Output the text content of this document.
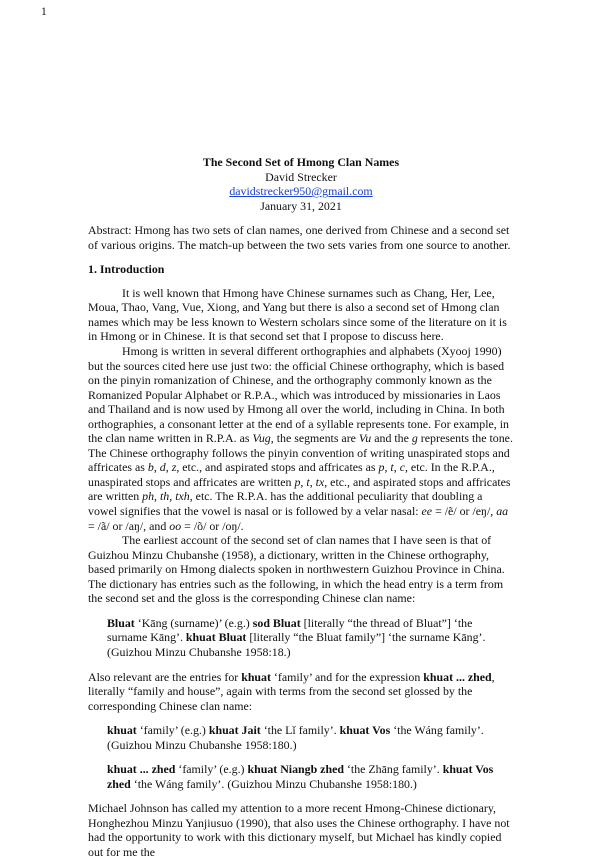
1
The Second Set of Hmong Clan Names
David Strecker
davidstrecker950@gmail.com
January 31, 2021
Abstract: Hmong has two sets of clan names, one derived from Chinese and a second set of various origins. The match-up between the two sets varies from one source to another.
1. Introduction
It is well known that Hmong have Chinese surnames such as Chang, Her, Lee, Moua, Thao, Vang, Vue, Xiong, and Yang but there is also a second set of Hmong clan names which may be less known to Western scholars since some of the literature on it is in Hmong or in Chinese. It is that second set that I propose to discuss here.
Hmong is written in several different orthographies and alphabets (Xyooj 1990) but the sources cited here use just two: the official Chinese orthography, which is based on the pinyin romanization of Chinese, and the orthography commonly known as the Romanized Popular Alphabet or R.P.A., which was introduced by missionaries in Laos and Thailand and is now used by Hmong all over the world, including in China. In both orthographies, a consonant letter at the end of a syllable represents tone. For example, in the clan name written in R.P.A. as Vug, the segments are Vu and the g represents the tone. The Chinese orthography follows the pinyin convention of writing unaspirated stops and affricates as b, d, z, etc., and aspirated stops and affricates as p, t, c, etc. In the R.P.A., unaspirated stops and affricates are written p, t, tx, etc., and aspirated stops and affricates are written ph, th, txh, etc. The R.P.A. has the additional peculiarity that doubling a vowel signifies that the vowel is nasal or is followed by a velar nasal: ee = /ẽ/ or /eŋ/, aa = /ã/ or /aŋ/, and oo = /õ/ or /oŋ/.
The earliest account of the second set of clan names that I have seen is that of Guizhou Minzu Chubanshe (1958), a dictionary, written in the Chinese orthography, based primarily on Hmong dialects spoken in northwestern Guizhou Province in China. The dictionary has entries such as the following, in which the head entry is a term from the second set and the gloss is the corresponding Chinese clan name:
Bluat ‘Kāng (surname)’ (e.g.) sod Bluat [literally “the thread of Bluat”] ‘the surname Kāng’. khuat Bluat [literally “the Bluat family”] ‘the surname Kāng’. (Guizhou Minzu Chubanshe 1958:18.)
Also relevant are the entries for khuat ‘family’ and for the expression khuat ... zhed, literally “family and house”, again with terms from the second set glossed by the corresponding Chinese clan name:
khuat ‘family’ (e.g.) khuat Jait ‘the Lǐ family’. khuat Vos ‘the Wáng family’. (Guizhou Minzu Chubanshe 1958:180.)
khuat ... zhed ‘family’ (e.g.) khuat Niangb zhed ‘the Zhāng family’. khuat Vos zhed ‘the Wáng family’. (Guizhou Minzu Chubanshe 1958:180.)
Michael Johnson has called my attention to a more recent Hmong-Chinese dictionary, Honghezhou Minzu Yanjiusuo (1990), that also uses the Chinese orthography. I have not had the opportunity to work with this dictionary myself, but Michael has kindly copied out for me the
